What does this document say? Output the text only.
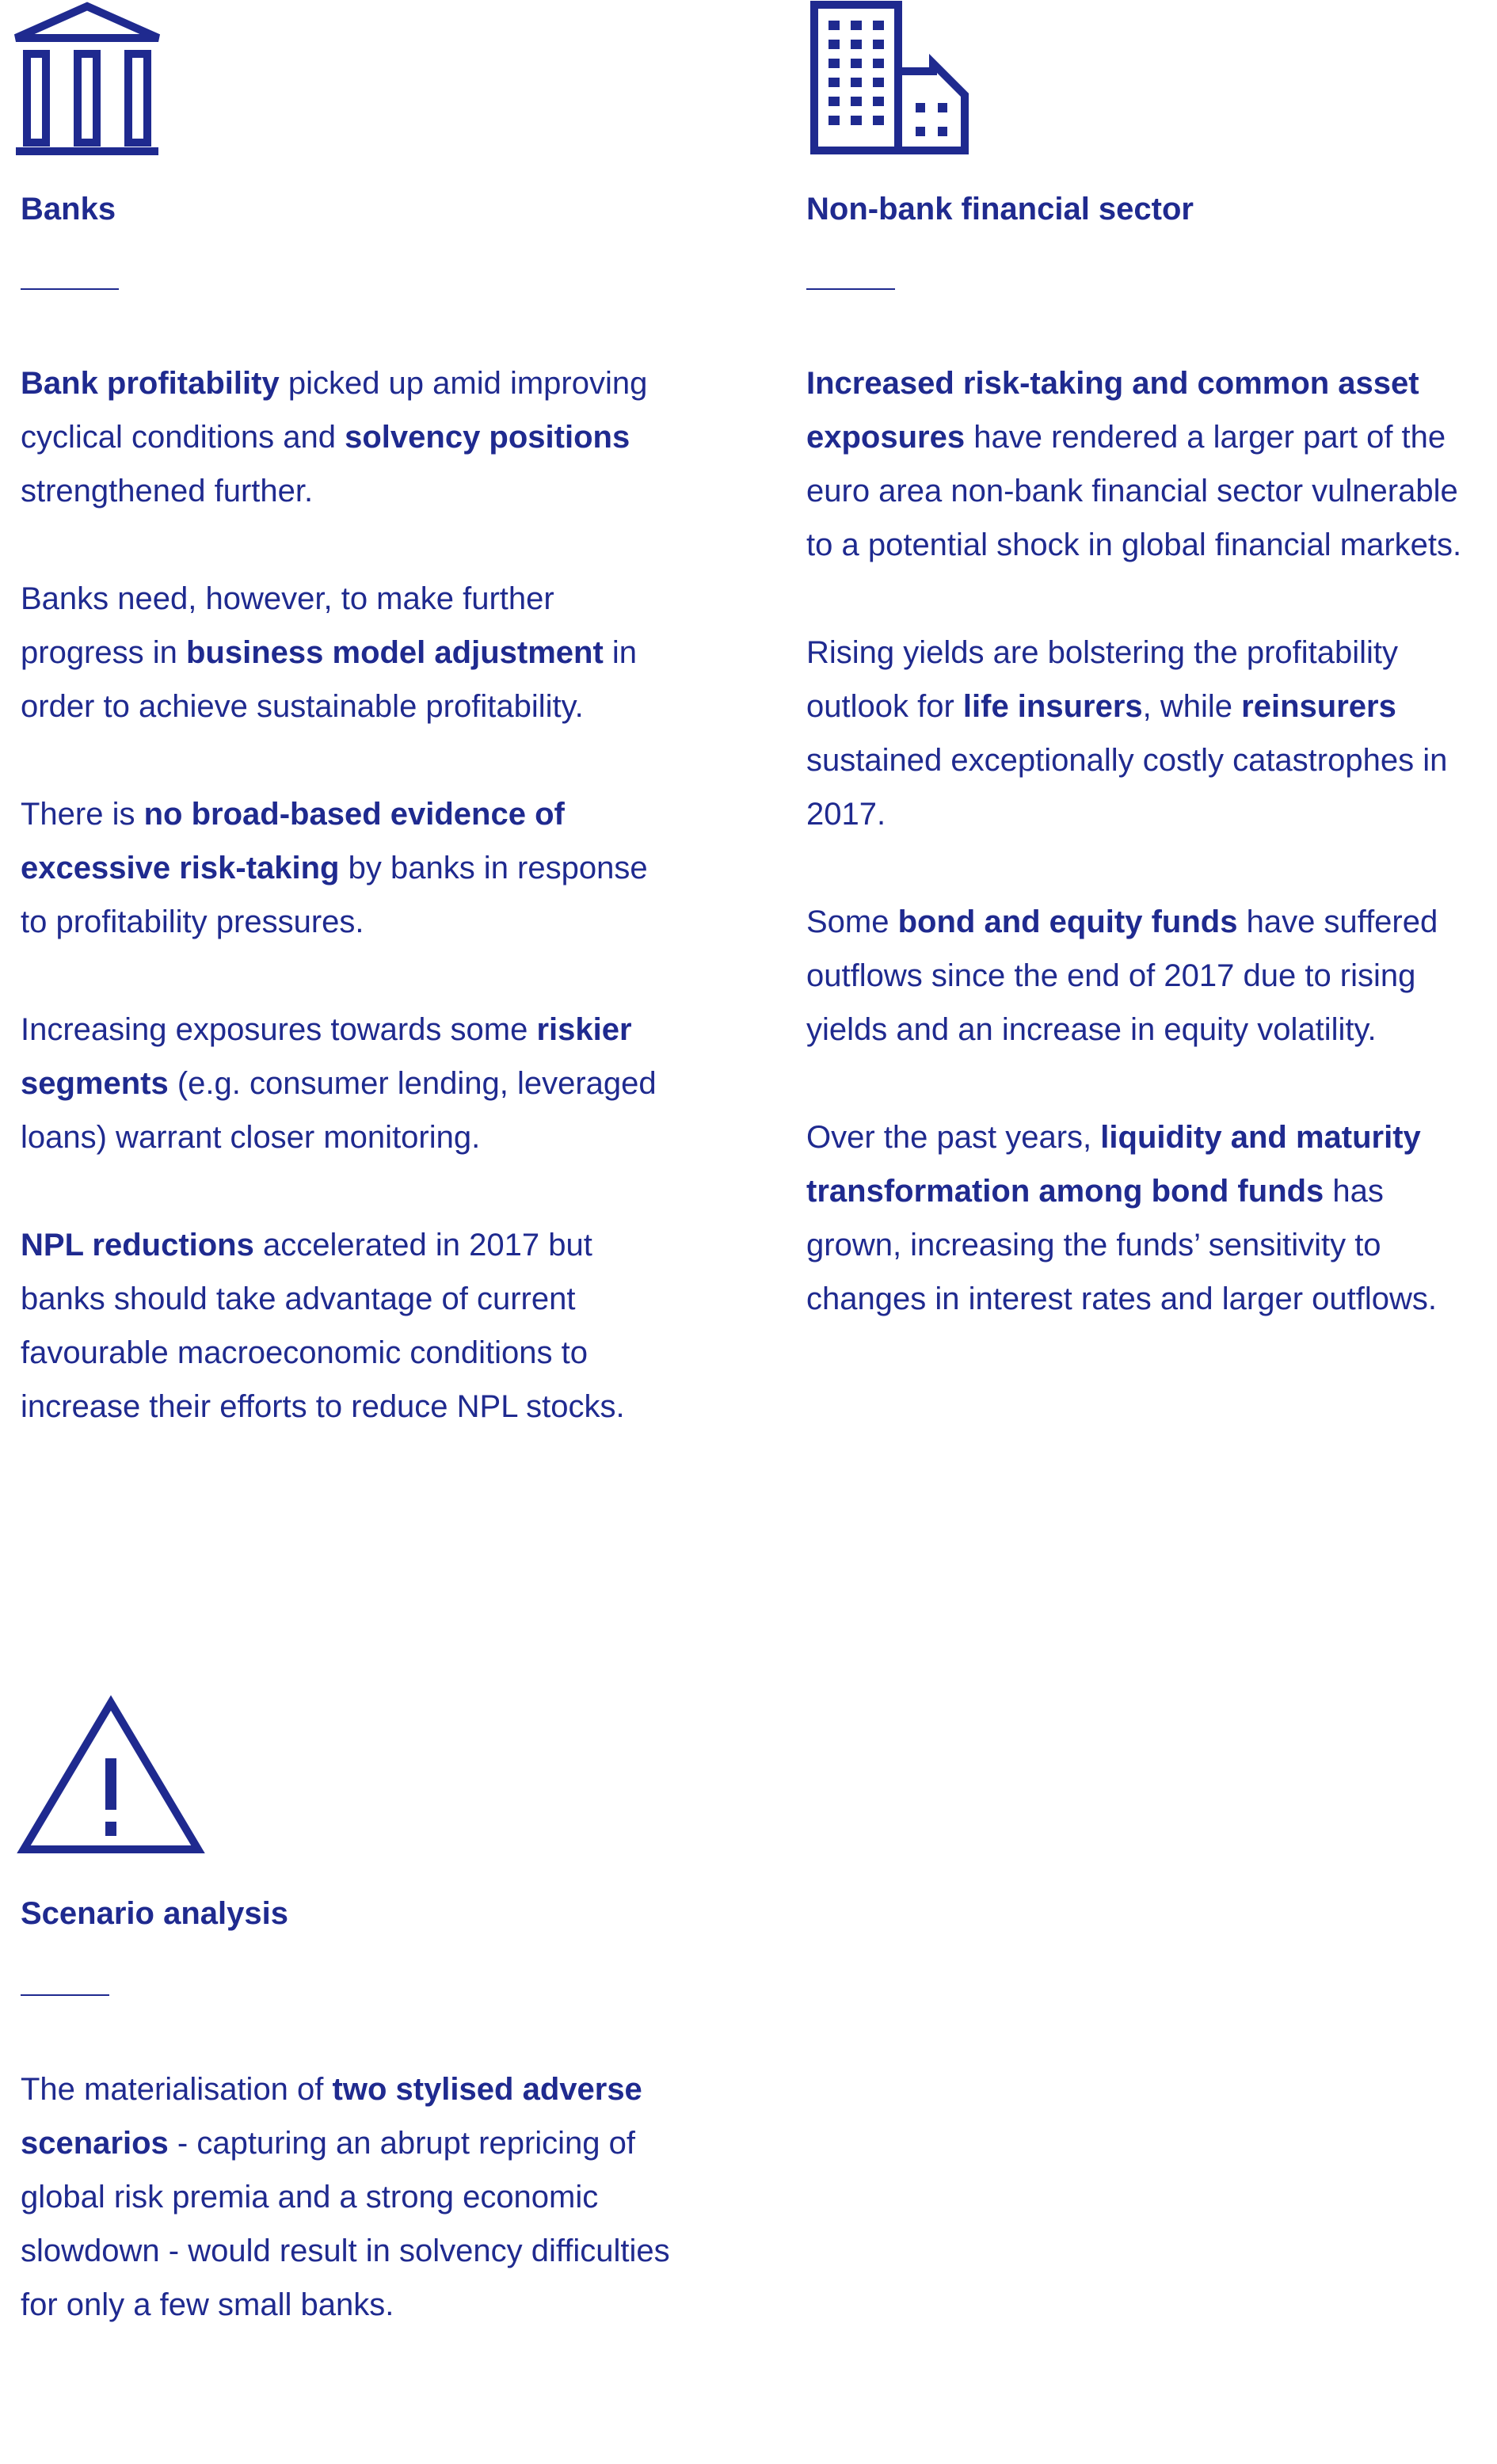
Banks

Bank profitability picked up amid improving cyclical conditions and solvency positions strengthened further.

Banks need, however, to make further progress in business model adjustment in order to achieve sustainable profitability.

There is no broad-based evidence of excessive risk-taking by banks in response to profitability pressures.

Increasing exposures towards some riskier segments (e.g. consumer lending, leveraged loans) warrant closer monitoring.

NPL reductions accelerated in 2017 but banks should take advantage of current favourable macroeconomic conditions to increase their efforts to reduce NPL stocks.

Non-bank financial sector

Increased risk-taking and common asset exposures have rendered a larger part of the euro area non-bank financial sector vulnerable to a potential shock in global financial markets.

Rising yields are bolstering the profitability outlook for life insurers, while reinsurers sustained exceptionally costly catastrophes in 2017.

Some bond and equity funds have suffered outflows since the end of 2017 due to rising yields and an increase in equity volatility.

Over the past years, liquidity and maturity transformation among bond funds has grown, increasing the funds’ sensitivity to changes in interest rates and larger outflows.

Scenario analysis

The materialisation of two stylised adverse scenarios - capturing an abrupt repricing of global risk premia and a strong economic slowdown - would result in solvency difficulties for only a few small banks.
